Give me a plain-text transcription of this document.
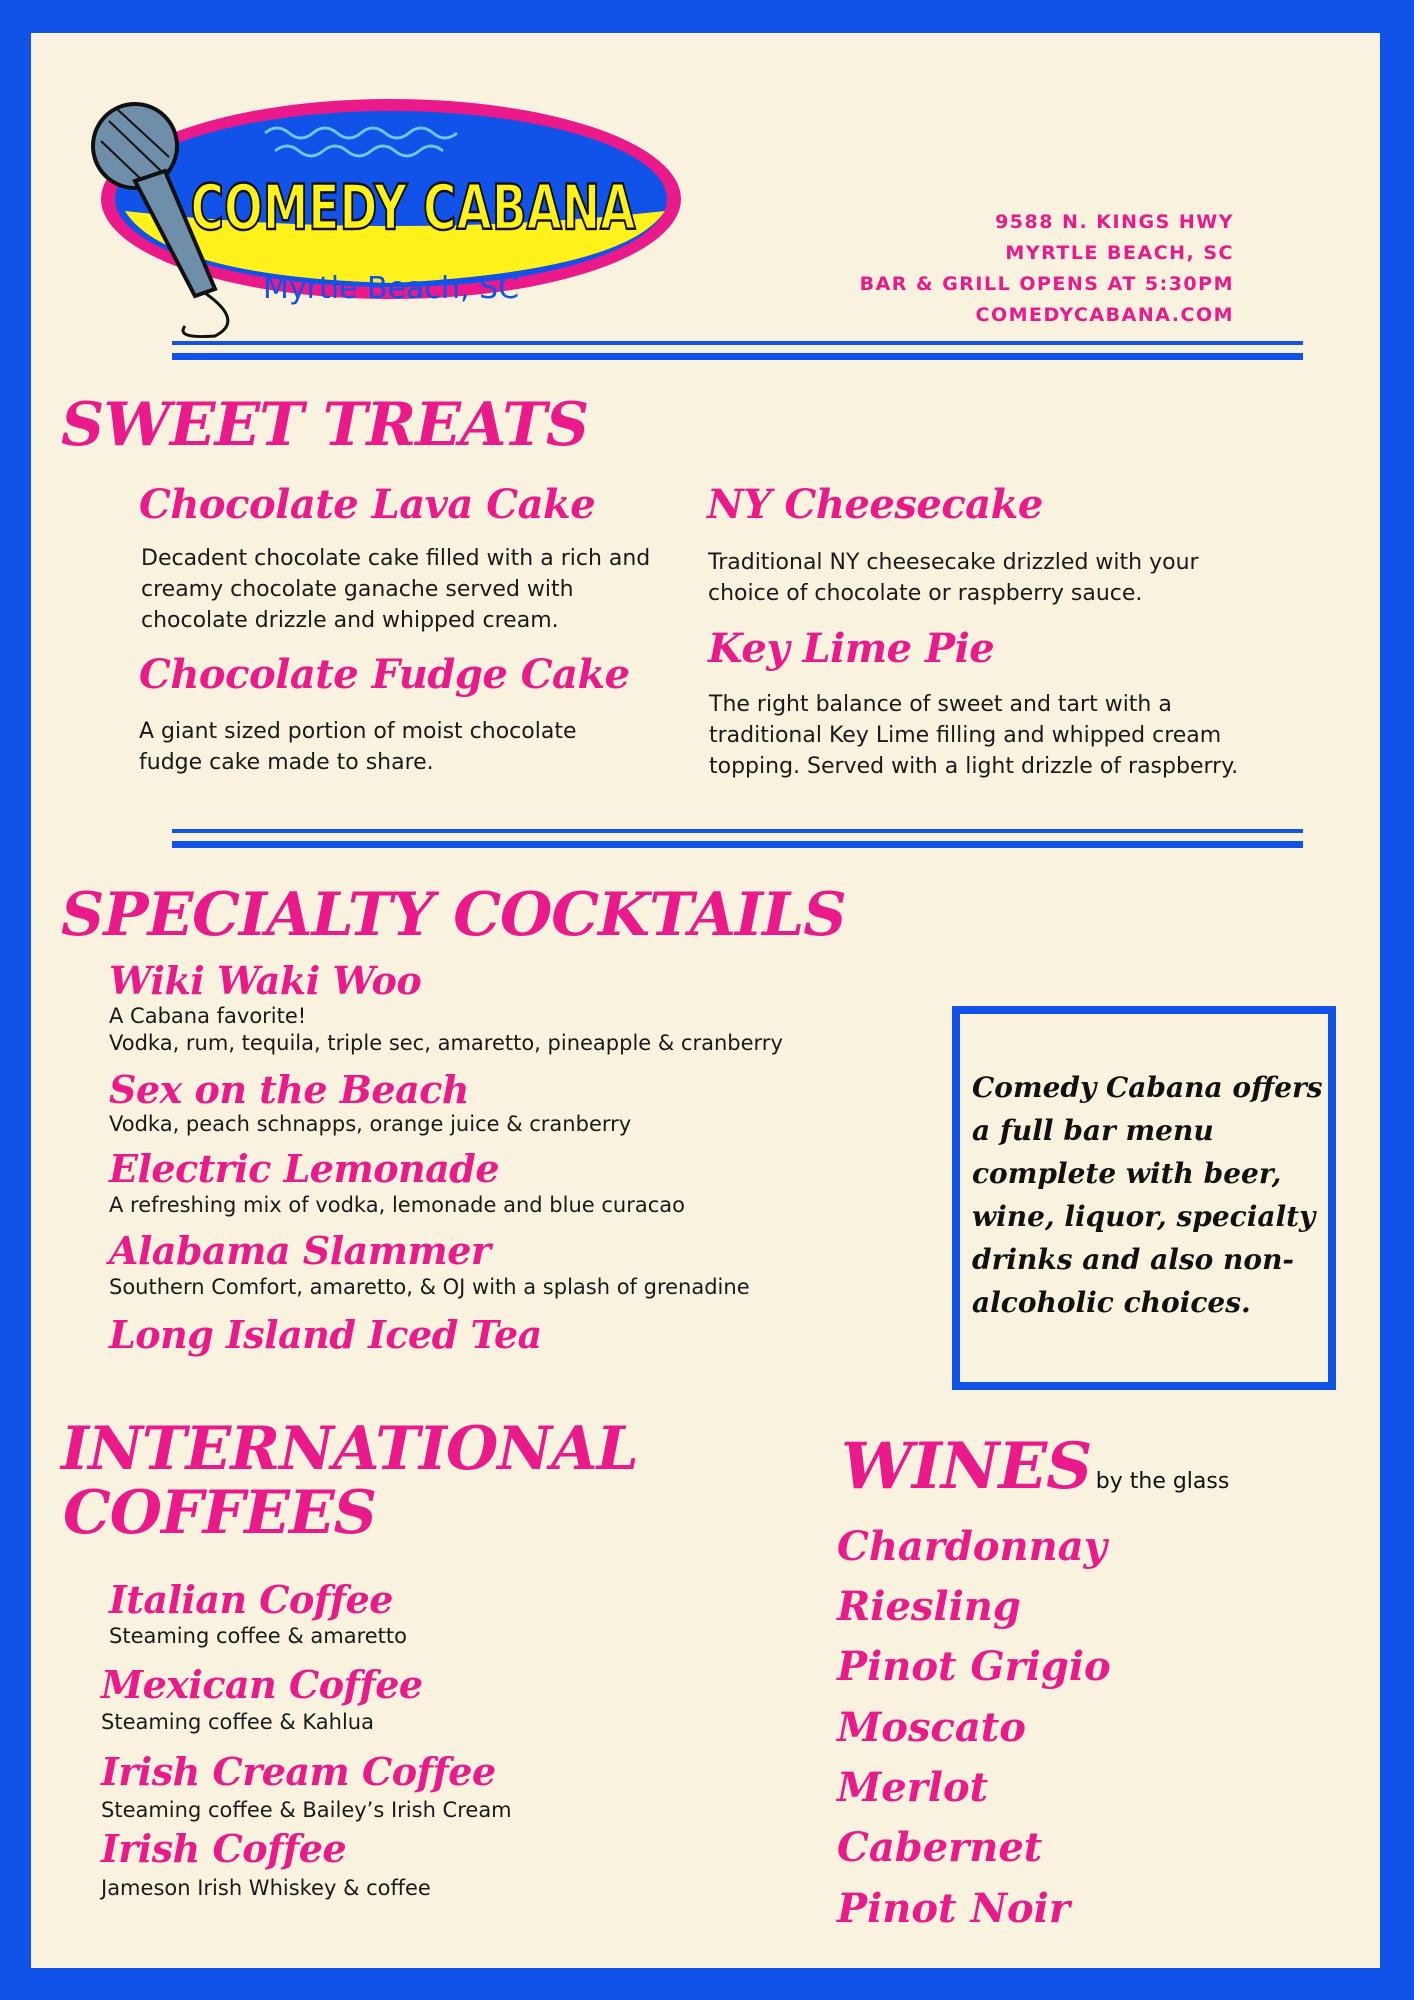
COMEDY CABANA
Myrtle Beach, SC
9588 N. KINGS HWY
MYRTLE BEACH, SC
BAR & GRILL OPENS AT 5:30PM
COMEDYCABANA.COM
SWEET TREATS
Chocolate Lava Cake
Decadent chocolate cake filled with a rich and creamy chocolate ganache served with chocolate drizzle and whipped cream.
Chocolate Fudge Cake
A giant sized portion of moist chocolate fudge cake made to share.
NY Cheesecake
Traditional NY cheesecake drizzled with your choice of chocolate or raspberry sauce.
Key Lime Pie
The right balance of sweet and tart with a traditional Key Lime filling and whipped cream topping. Served with a light drizzle of raspberry.
SPECIALTY COCKTAILS
Wiki Waki Woo
A Cabana favorite!
Vodka, rum, tequila, triple sec, amaretto, pineapple & cranberry
Sex on the Beach
Vodka, peach schnapps, orange juice & cranberry
Electric Lemonade
A refreshing mix of vodka, lemonade and blue curacao
Alabama Slammer
Southern Comfort, amaretto, & OJ with a splash of grenadine
Long Island Iced Tea
Comedy Cabana offers a full bar menu complete with beer, wine, liquor, specialty drinks and also non-alcoholic choices.
INTERNATIONAL
COFFEES
Italian Coffee
Steaming coffee & amaretto
Mexican Coffee
Steaming coffee & Kahlua
Irish Cream Coffee
Steaming coffee & Bailey’s Irish Cream
Irish Coffee
Jameson Irish Whiskey & coffee
WINES by the glass
Chardonnay
Riesling
Pinot Grigio
Moscato
Merlot
Cabernet
Pinot Noir
